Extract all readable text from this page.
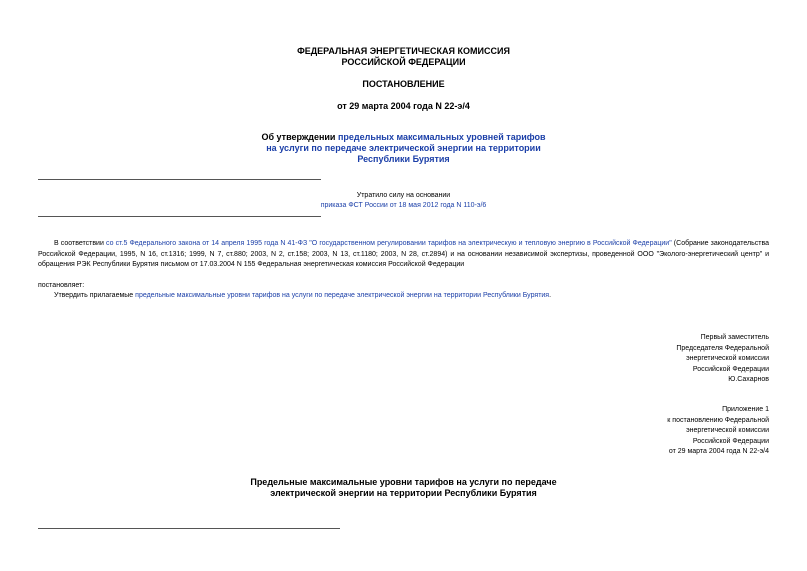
ФЕДЕРАЛЬНАЯ ЭНЕРГЕТИЧЕСКАЯ КОМИССИЯ
РОССИЙСКОЙ ФЕДЕРАЦИИ
ПОСТАНОВЛЕНИЕ
от 29 марта 2004 года N 22-э/4
Об утверждении предельных максимальных уровней тарифов
на услуги по передаче электрической энергии на территории
Республики Бурятия
Утратило силу на основании
приказа ФСТ России от 18 мая 2012 года N 110-э/6
В соответствии со ст.5 Федерального закона от 14 апреля 1995 года N 41-ФЗ "О государственном регулировании тарифов на электрическую и тепловую энергию в Российской Федерации" (Собрание законодательства Российской Федерации, 1995, N 16, ст.1316; 1999, N 7, ст.880; 2003, N 2, ст.158; 2003, N 13, ст.1180; 2003, N 28, ст.2894) и на основании независимой экспертизы, проведенной ООО "Эколого-энергетический центр" и обращения РЭК Республики Бурятия письмом от 17.03.2004 N 155 Федеральная энергетическая комиссия Российской Федерации
постановляет:
Утвердить прилагаемые предельные максимальные уровни тарифов на услуги по передаче электрической энергии на территории Республики Бурятия.
Первый заместитель
Председателя Федеральной
энергетической комиссии
Российской Федерации
Ю.Сахарнов
Приложение 1
к постановлению Федеральной
энергетической комиссии
Российской Федерации
от 29 марта 2004 года N 22-э/4
Предельные максимальные уровни тарифов на услуги по передаче
электрической энергии на территории Республики Бурятия
